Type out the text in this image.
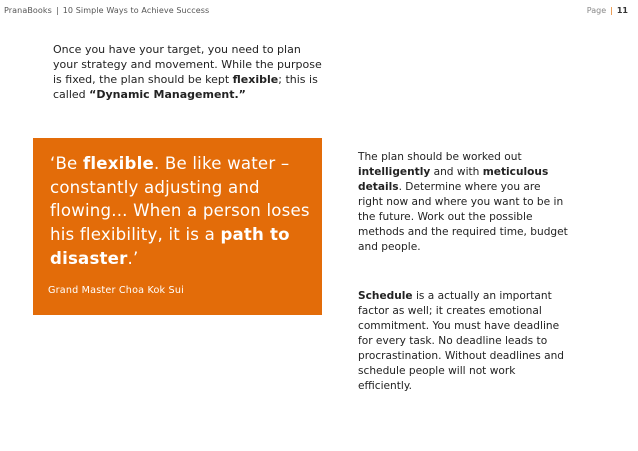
PranaBooks | 10 Simple Ways to Achieve Success	Page | 11
Once you have your target, you need to plan your strategy and movement. While the purpose is fixed, the plan should be kept flexible; this is called “Dynamic Management.”
‘Be flexible. Be like water – constantly adjusting and flowing... When a person loses his flexibility, it is a path to disaster.’
Grand Master Choa Kok Sui
The plan should be worked out intelligently and with meticulous details. Determine where you are right now and where you want to be in the future. Work out the possible methods and the required time, budget and people.
Schedule is a actually an important factor as well; it creates emotional commitment. You must have deadline for every task. No deadline leads to procrastination. Without deadlines and schedule people will not work efficiently.
